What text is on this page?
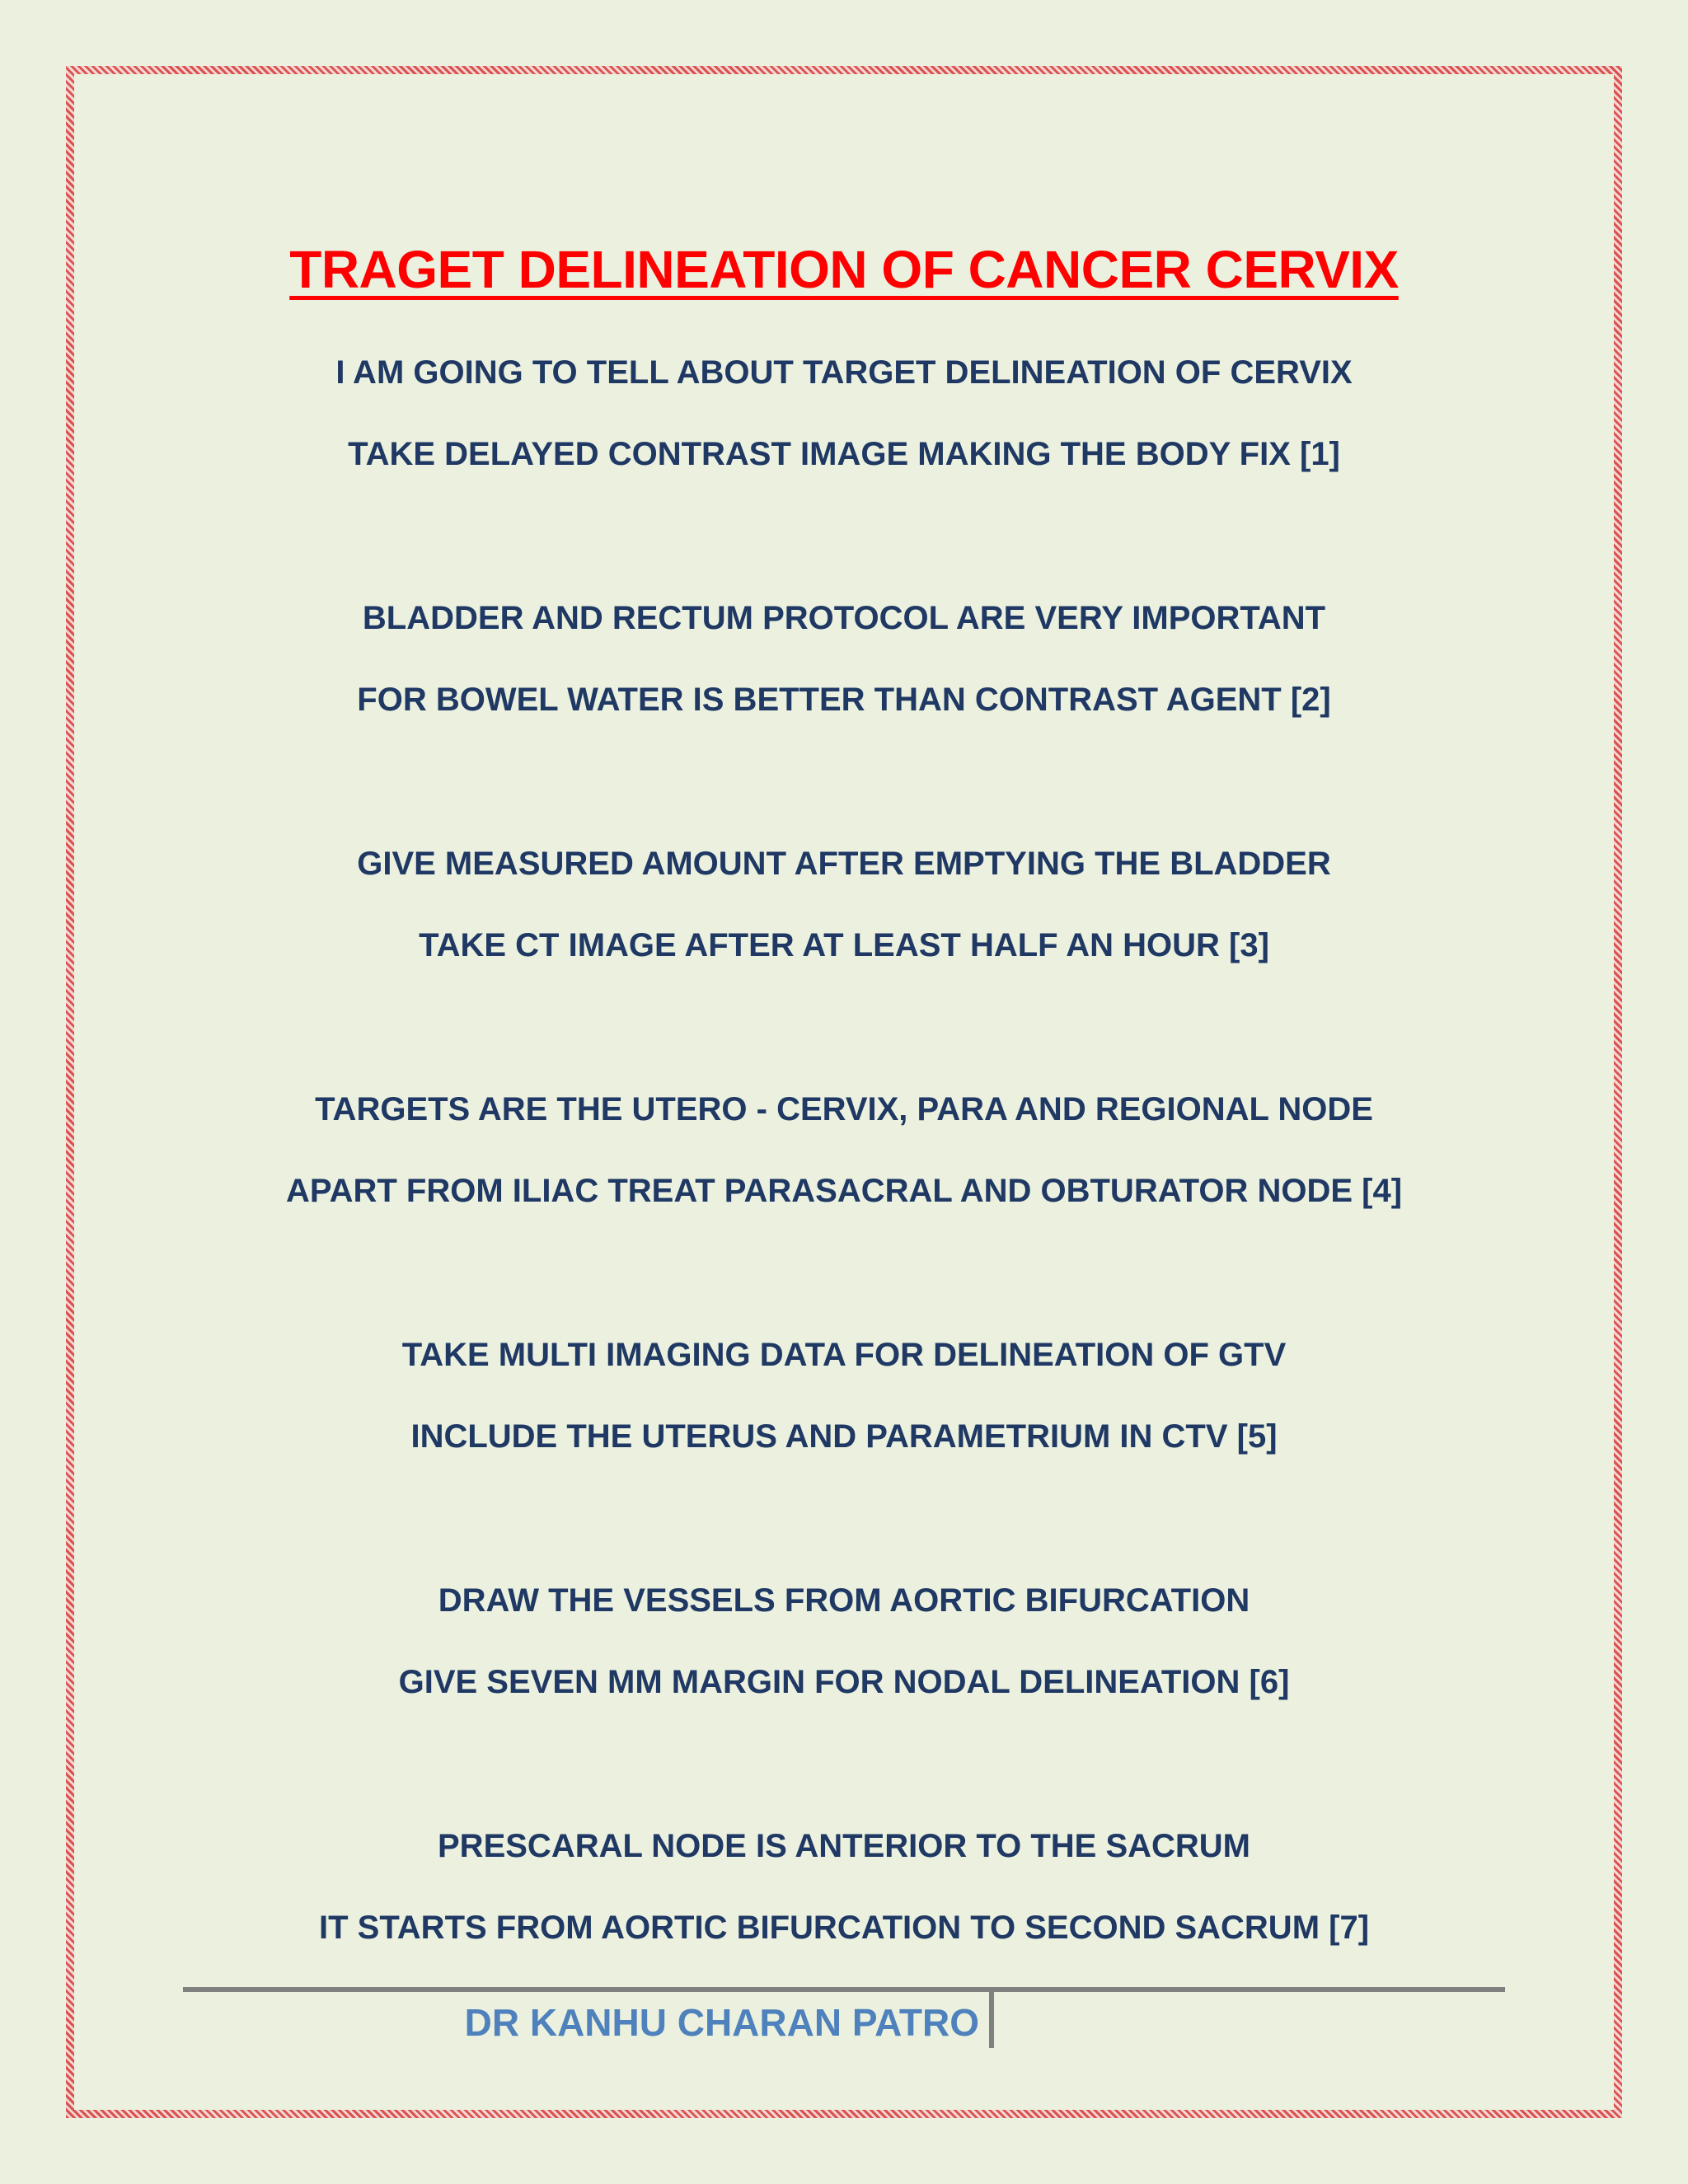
TRAGET DELINEATION OF CANCER CERVIX
I AM GOING TO TELL ABOUT TARGET DELINEATION OF CERVIX
TAKE DELAYED CONTRAST IMAGE MAKING THE BODY FIX [1]
BLADDER AND RECTUM PROTOCOL ARE VERY IMPORTANT
FOR BOWEL WATER IS BETTER THAN CONTRAST AGENT [2]
GIVE MEASURED AMOUNT AFTER EMPTYING THE BLADDER
TAKE CT IMAGE AFTER AT LEAST HALF AN HOUR [3]
TARGETS ARE THE UTERO - CERVIX, PARA AND REGIONAL NODE
APART FROM ILIAC TREAT PARASACRAL AND OBTURATOR NODE [4]
TAKE MULTI IMAGING DATA FOR DELINEATION OF GTV
INCLUDE THE UTERUS AND PARAMETRIUM IN CTV [5]
DRAW THE VESSELS FROM AORTIC BIFURCATION
GIVE SEVEN MM MARGIN FOR NODAL DELINEATION [6]
PRESCARAL NODE IS ANTERIOR TO THE SACRUM
IT STARTS FROM AORTIC BIFURCATION TO SECOND SACRUM [7]
DR KANHU CHARAN PATRO
